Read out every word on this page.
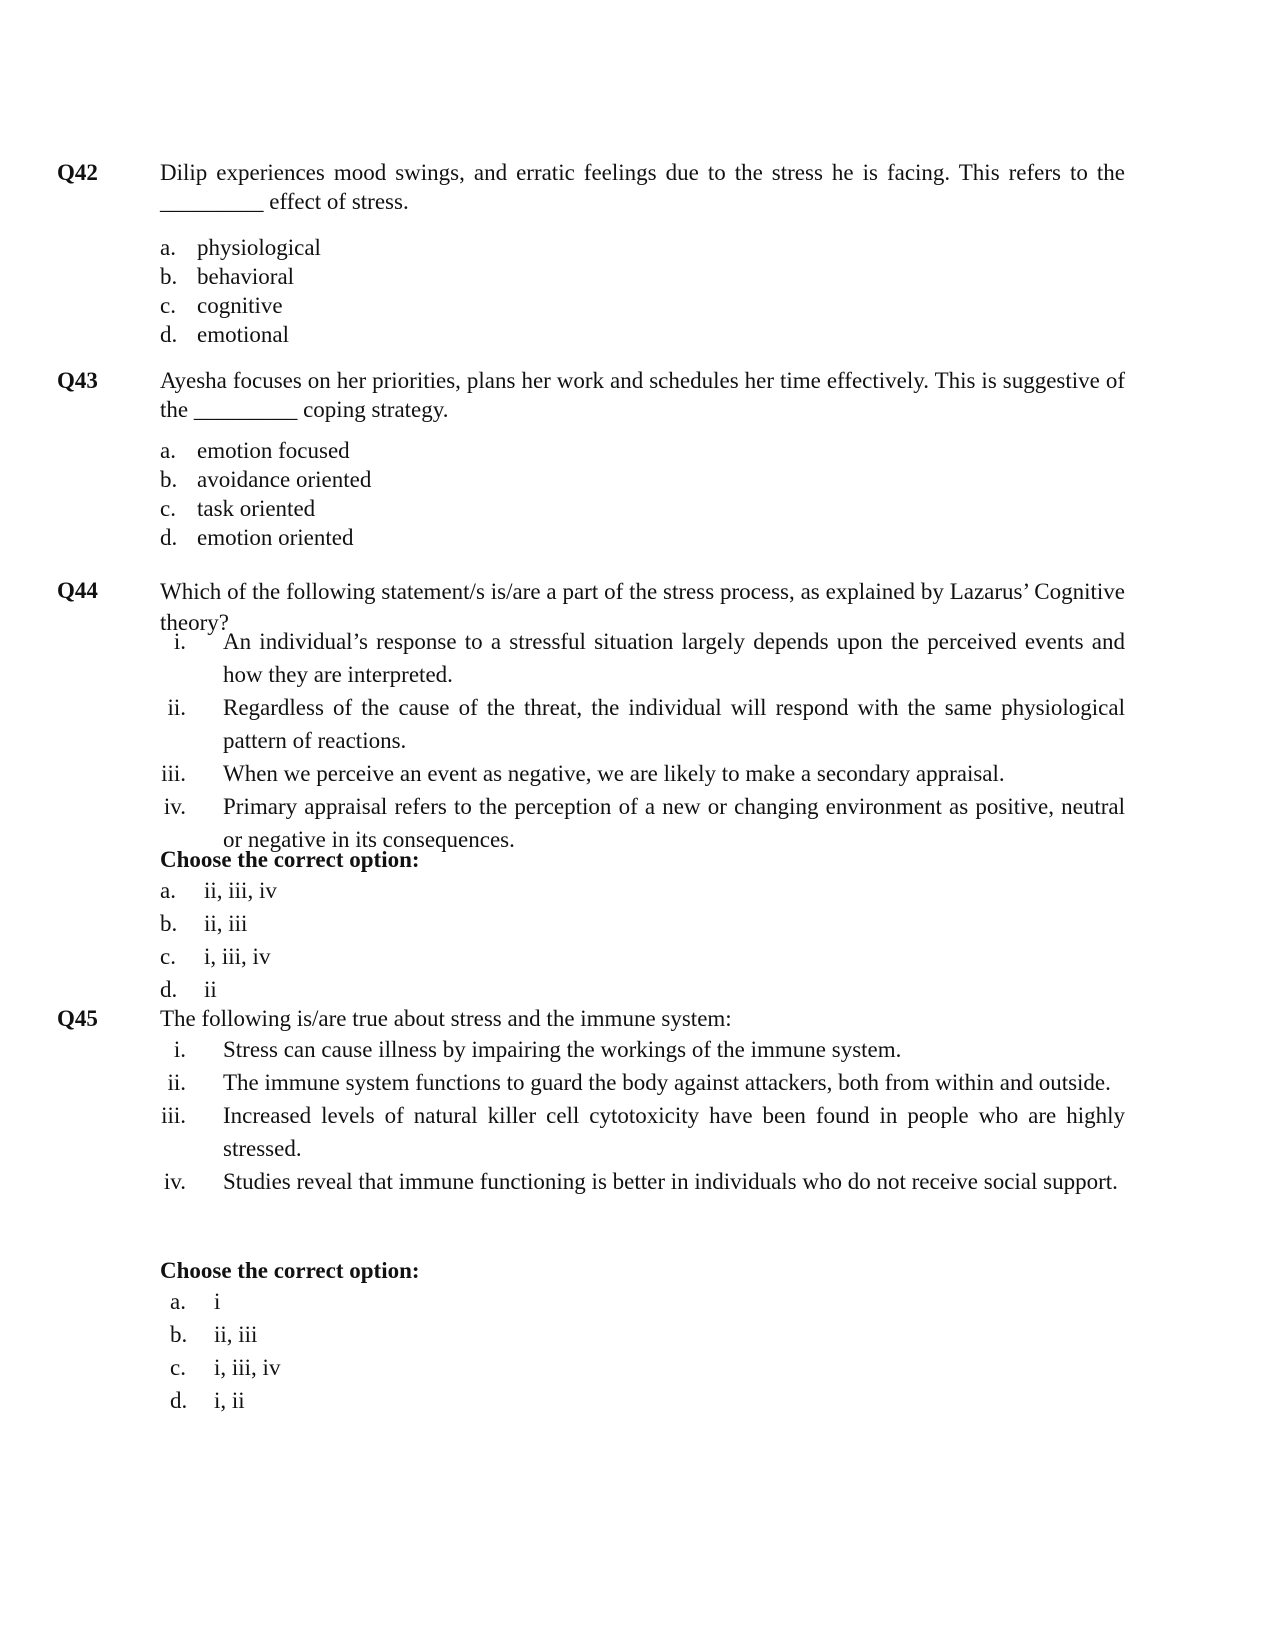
Q42	Dilip experiences mood swings, and erratic feelings due to the stress he is facing. This refers to the _________ effect of stress.
a. physiological
b. behavioral
c. cognitive
d. emotional
Q43	Ayesha focuses on her priorities, plans her work and schedules her time effectively. This is suggestive of the _________ coping strategy.
a. emotion focused
b. avoidance oriented
c. task oriented
d. emotion oriented
Q44	Which of the following statement/s is/are a part of the stress process, as explained by Lazarus’ Cognitive theory?
i. An individual’s response to a stressful situation largely depends upon the perceived events and how they are interpreted.
ii. Regardless of the cause of the threat, the individual will respond with the same physiological pattern of reactions.
iii. When we perceive an event as negative, we are likely to make a secondary appraisal.
iv. Primary appraisal refers to the perception of a new or changing environment as positive, neutral or negative in its consequences.
Choose the correct option:
a. ii, iii, iv
b. ii, iii
c. i, iii, iv
d. ii
Q45	The following is/are true about stress and the immune system:
i. Stress can cause illness by impairing the workings of the immune system.
ii. The immune system functions to guard the body against attackers, both from within and outside.
iii. Increased levels of natural killer cell cytotoxicity have been found in people who are highly stressed.
iv. Studies reveal that immune functioning is better in individuals who do not receive social support.
Choose the correct option:
a. i
b. ii, iii
c. i, iii, iv
d. i, ii
